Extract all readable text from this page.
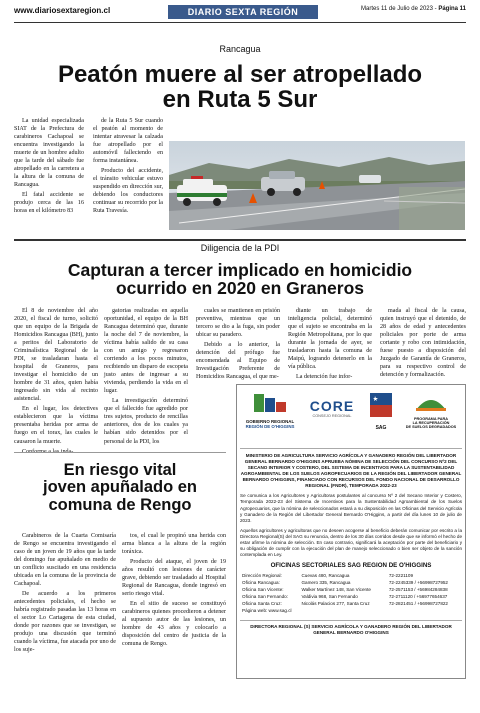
www.diariosextaregion.cl	DIARIO SEXTA REGIÓN	Martes 11 de Julio de 2023 - Página 11
Rancagua
Peatón muere al ser atropellado
en Ruta 5 Sur

La unidad especializada SIAT de la Prefectura de carabineros Cachapoal se encuentra investigando la muerte de un hombre adulto que la tarde del sábado fue atropellado en la carretera a la altura de la comuna de Rancagua.

El fatal accidente se produjo cerca de las 16 horas en el kilómetro 83

de la Ruta 5 Sur cuando el peatón al momento de intentar atravesar la calzada fue atropellado por el automóvil falleciendo en forma instantánea.

Producto del accidente, el tránsito vehicular estuvo suspendido en dirección sur, debiendo los conductores continuar su recorrido por la Ruta Travesía.

Diligencia de la PDI
Capturan a tercer implicado en homicidio
ocurrido en 2020 en Graneros

El 8 de noviembre del año 2020, el fiscal de turno, solicitó que un equipo de la Brigada de Homicidios Rancagua (BH), junto a peritos del Laboratorio de Criminalística Regional de la PDI, se trasladaran hasta el hospital de Graneros, para investigar el homicidio de un hombre de 31 años, quien había ingresado sin vida al recinto asistencial.

En el lugar, los detectives establecieron que la víctima presentaba heridas por arma de fuego en el torax, las cuales le causaron la muerte.

Conforme a las inda-

gatorias realizadas en aquella oportunidad, el equipo de la BH Rancagua determinó que, durante la noche del 7 de noviembre, la víctima había salido de su casa con un amigo y regresaron corriendo a los pocos minutos, recibiendo un disparo de escopeta justo antes de ingresar a su vivienda, perdiendo la vida en el lugar.

La investigación determinó que el fallecido fue agredido por tres sujetos, producto de rencillas anteriores, dos de los cuales ya habían sido detenidos por el personal de la PDI, los

cuales se mantienen en prisión preventiva, mientras que un tercero se dio a la fuga, sin poder ubicar su paradero.

Debido a lo anterior, la detención del prófugo fue encomendada al Equipo de Investigación Preferente de Homicidios Rancagua, el que me-

diante un trabajo de inteligencia policial, determinó que el sujeto se encontraba en la Región Metropolitana, por lo que durante la jornada de ayer, se trasladaron hasta la comuna de Maipú, logrando detenerlo en la vía pública.

La detención fue infor-

mada al fiscal de la causa, quien instruyó que el detenido, de 28 años de edad y antecedentes policiales por porte de arma cortante y robo con intimidación, fuese puesto a disposición del Juzgado de Garantía de Graneros, para su respectivo control de detención y formalización.

En riesgo vital
joven apuñalado en
comuna de Rengo

Carabineros de la Cuarta Comisaría de Rengo se encuentra investigando el caso de un joven de 19 años que la tarde del domingo fue apuñalado en medio de un conflicto suscitado en una residencia ubicada en la comuna de la provincia de Cachapoal.

De acuerdo a los primeros antecedentes policiales, el hecho se habría registrado pasadas las 13 horas en el sector Lo Cartagena de esta ciudad, donde por razones que se investigan, se produjo una discusión que terminó cuando la víctima, fue atacada por uno de los suje-

tos, el cual le propinó una herida con arma blanca a la altura de la región toráxica.

Producto del ataque, el joven de 19 años resultó con lesiones de carácter grave, debiendo ser trasladado al Hospital Regional de Rancagua, donde ingresó en serio riesgo vital.

En el sitio de suceso se constituyó carabineros quienes procedieron a detener al supuesto autor de las lesiones, un hombre de 43 años y colocarlo a disposición del centro de justicia de la comuna de Rengo.

GOBIERNO REGIONAL
REGIÓN DE O'HIGGINS
CORE
CONSEJO REGIONAL
SAG
PROGRAMA PARA
LA RECUPERACIÓN
DE SUELOS DEGRADADOS
MINISTERIO DE AGRICULTURA SERVICIO AGRÍCOLA Y GANADERO REGIÓN DEL LIBERTADOR GENERAL BERNARDO O'HIGGINS APRUEBA NÓMINA DE SELECCIÓN DEL CONCURSO Nº2 DEL SECANO INTERIOR Y COSTERO, DEL SISTEMA DE INCENTIVOS PARA LA SUSTENTABILIDAD AGROAMBIENTAL DE LOS SUELOS AGROPECUARIOS DE LA REGIÓN DEL LIBERTADOR GENERAL BERNARDO O'HIGGINS, FINANCIADO CON RECURSOS DEL FONDO NACIONAL DE DESARROLLO REGIONAL (FNDR), TEMPORADA 2022-23
Se comunica a los Agricultores y Agricultoras postulantes al concurso Nº 2 del Secano Interior y Costero, Temporada 2022-23 del Sistema de Incentivos para la Sustentabilidad Agroambiental de los Suelos Agropecuarios, que la nómina de seleccionados estará a su disposición en las Oficinas del Servicio Agrícola y Ganadero de la Región del Libertador General Bernardo O'Higgins, a partir del día lunes 10 de julio de 2023.
Aquellos agricultores y agricultoras que no deseen acogerse al beneficio deberán comunicar por escrito a la Directora Regional(S) del SAG su renuncia, dentro de los 30 días corridos desde que se informó el hecho de estar afirme la nómina de selección. En caso contrario, significará la aceptación por parte del beneficiario y su obligación de cumplir con la ejecución del plan de manejo seleccionado o bien ser objeto de la sanción contemplada en Ley.
OFICINAS SECTORIALES SAG REGION DE O'HIGGINS
Dirección Regional:	Cuevas 480, Rancagua	72-2221109
Oficina Rancagua:	Gamero 335, Rancagua	72-2245339 / +56998727952
Oficina San Vicente:	Walker Martínez 148, San Vicente	72-2571153 / +56984284838
Oficina San Fernando:	Valdivia 968, San Fernando	72-2711120 / +56977654637
Oficina Santa Cruz:	Nicolás Palacios 277, Santa Cruz	72-2821451 / +56998727822
Página web: www.sag.cl
DIRECTORA REGIONAL (S) SERVICIO AGRÍCOLA Y GANADERO REGIÓN DEL LIBERTADOR GENERAL BERNARDO O'HIGGINS
